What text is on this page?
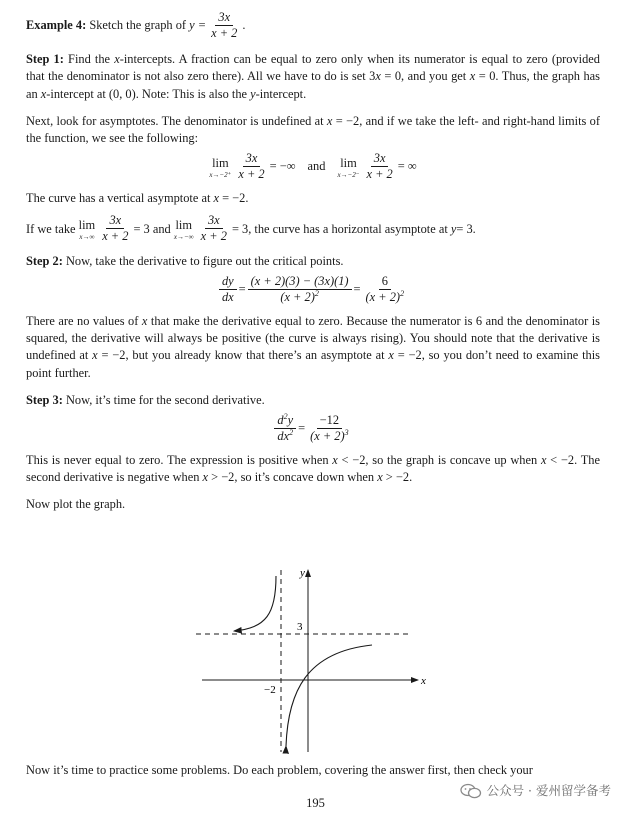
Example 4:
Sketch the graph of
$y = \frac{3x}{x + 2}$ .

Step 1: Find the x-intercepts. A fraction can be equal to zero only when its numerator is equal to zero (provided that the denominator is not also zero there). All we have to do is set 3x = 0, and you get x = 0. Thus, the graph has an x-intercept at (0, 0). Note: This is also the y-intercept.

Next, look for asymptotes. The denominator is undefined at x = −2, and if we take the left- and right-hand limits of the function, we see the following:

lim
$x\to-2^+ \frac{3x}{x + 2}$ = −∞ and lim
$x\to-2^- \frac{3x}{x + 2}$ = ∞

The curve has a vertical asymptote at x = −2.

If we take
lim
$x\to\infty \frac{3x}{x + 2} = 3$ and
lim
$x\to-\infty \frac{3x}{x + 2} = 3$, the curve has a horizontal asymptote at
y = 3.

Step 2: Now, take the derivative to figure out the critical points.

$\frac{dy}{dx} = \frac{(x + 2)(3) - (3x)(1)}{(x + 2)^2} = \frac{6}{(x + 2)^2}$

There are no values of x that make the derivative equal to zero. Because the numerator is 6 and the denominator is squared, the derivative will always be positive (the curve is always rising). You should note that the derivative is undefined at x = −2, but you already know that there’s an asymptote at x = −2, so you don’t need to examine this point further.

Step 3: Now, it’s time for the second derivative.

$\frac{d^2y}{dx^2} = \frac{-12}{(x + 2)^3}$

This is never equal to zero. The expression is positive when x < −2, so the graph is concave up when x < −2. The second derivative is negative when x > −2, so it’s concave down when x > −2.

Now plot the graph.

y
x
3
−2

Now it’s time to practice some problems. Do each problem, covering the answer first, then check your

195
公众号 · 爱州留学备考
